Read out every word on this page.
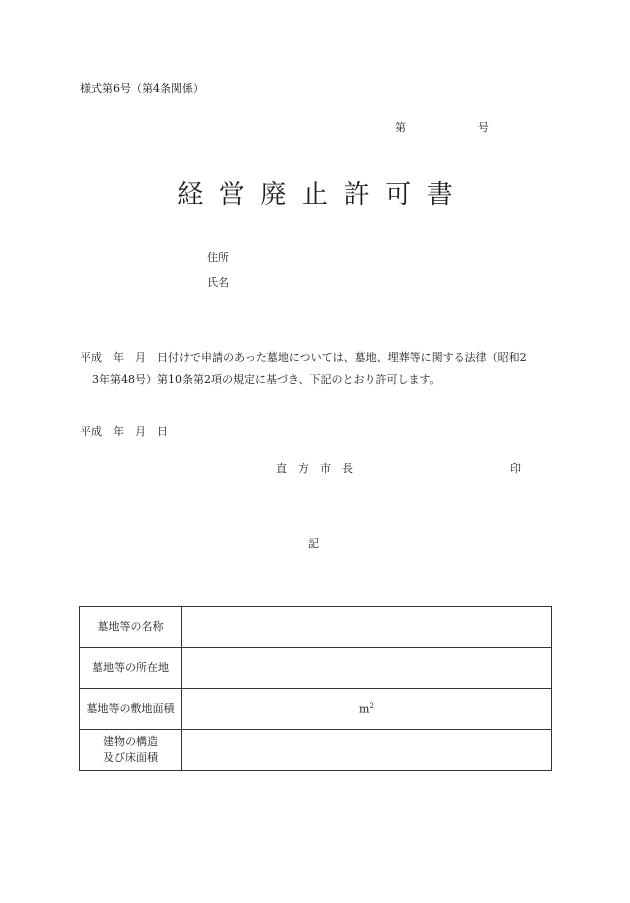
様式第6号（第4条関係）
第	号
経営廃止許可書
住所
氏名
平成　年　月　日付けで申請のあった墓地については、墓地、埋葬等に関する法律（昭和2
3年第48号）第10条第2項の規定に基づき、下記のとおり許可します。
平成　年　月　日
直　方　市　長	印
記
墓地等の名称	
墓地等の所在地	
墓地等の敷地面積	$m^2$

建物の構造
及び床面積	
